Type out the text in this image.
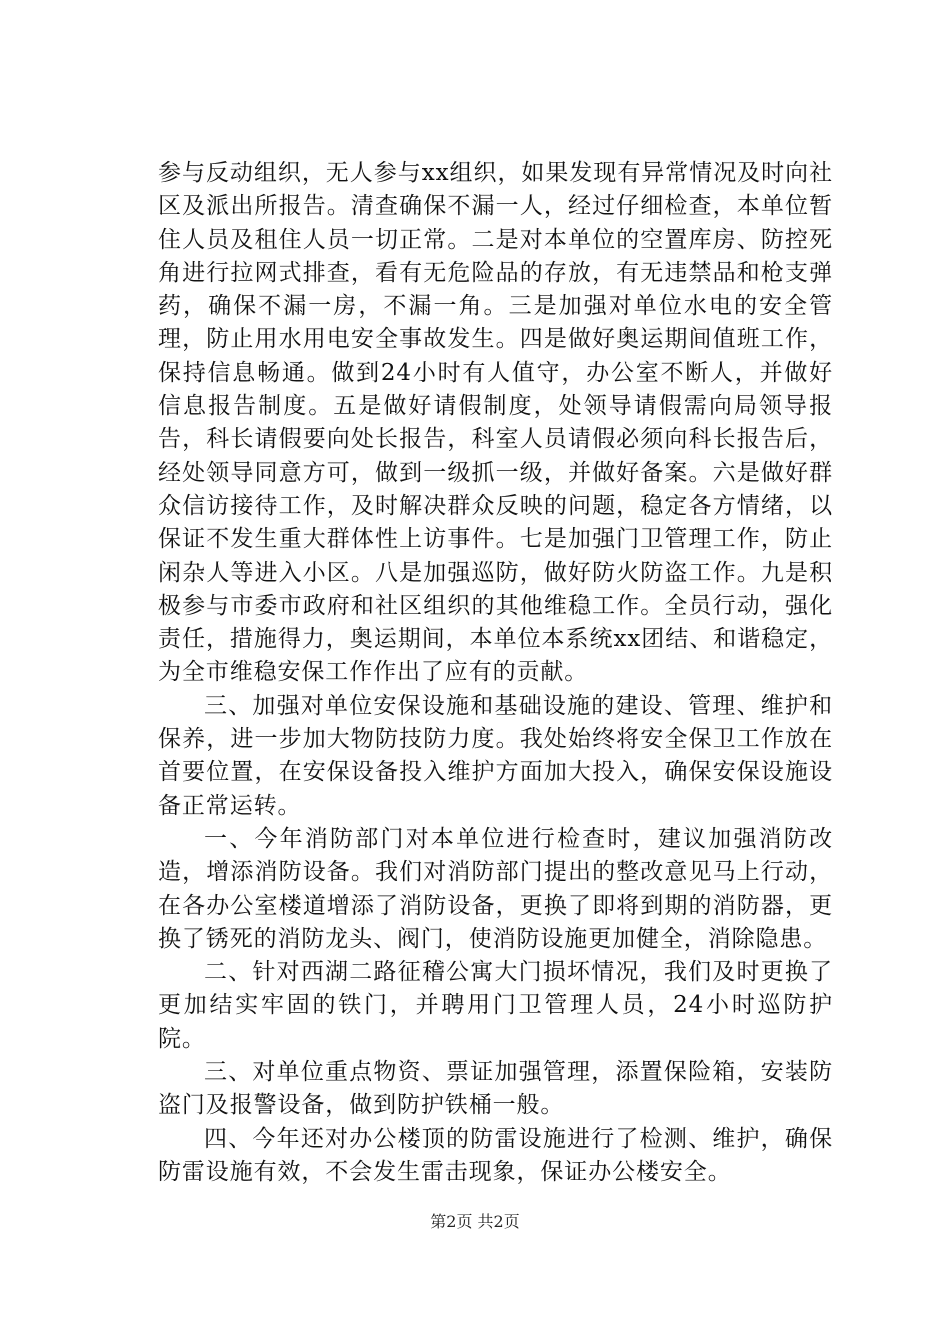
参与反动组织，无人参与xx组织，如果发现有异常情况及时向社区及派出所报告。清查确保不漏一人，经过仔细检查，本单位暂住人员及租住人员一切正常。二是对本单位的空置库房、防控死角进行拉网式排查，看有无危险品的存放，有无违禁品和枪支弹药，确保不漏一房，不漏一角。三是加强对单位水电的安全管理，防止用水用电安全事故发生。四是做好奥运期间值班工作，保持信息畅通。做到24小时有人值守，办公室不断人，并做好信息报告制度。五是做好请假制度，处领导请假需向局领导报告，科长请假要向处长报告，科室人员请假必须向科长报告后，经处领导同意方可，做到一级抓一级，并做好备案。六是做好群众信访接待工作，及时解决群众反映的问题，稳定各方情绪，以保证不发生重大群体性上访事件。七是加强门卫管理工作，防止闲杂人等进入小区。八是加强巡防，做好防火防盗工作。九是积极参与市委市政府和社区组织的其他维稳工作。全员行动，强化责任，措施得力，奥运期间，本单位本系统xx团结、和谐稳定，为全市维稳安保工作作出了应有的贡献。

三、加强对单位安保设施和基础设施的建设、管理、维护和保养，进一步加大物防技防力度。我处始终将安全保卫工作放在首要位置，在安保设备投入维护方面加大投入，确保安保设施设备正常运转。

一、今年消防部门对本单位进行检查时，建议加强消防改造，增添消防设备。我们对消防部门提出的整改意见马上行动，在各办公室楼道增添了消防设备，更换了即将到期的消防器，更换了锈死的消防龙头、阀门，使消防设施更加健全，消除隐患。

二、针对西湖二路征稽公寓大门损坏情况，我们及时更换了更加结实牢固的铁门，并聘用门卫管理人员，24小时巡防护院。

三、对单位重点物资、票证加强管理，添置保险箱，安装防盗门及报警设备，做到防护铁桶一般。

四、今年还对办公楼顶的防雷设施进行了检测、维护，确保防雷设施有效，不会发生雷击现象，保证办公楼安全。

第2页 共2页
